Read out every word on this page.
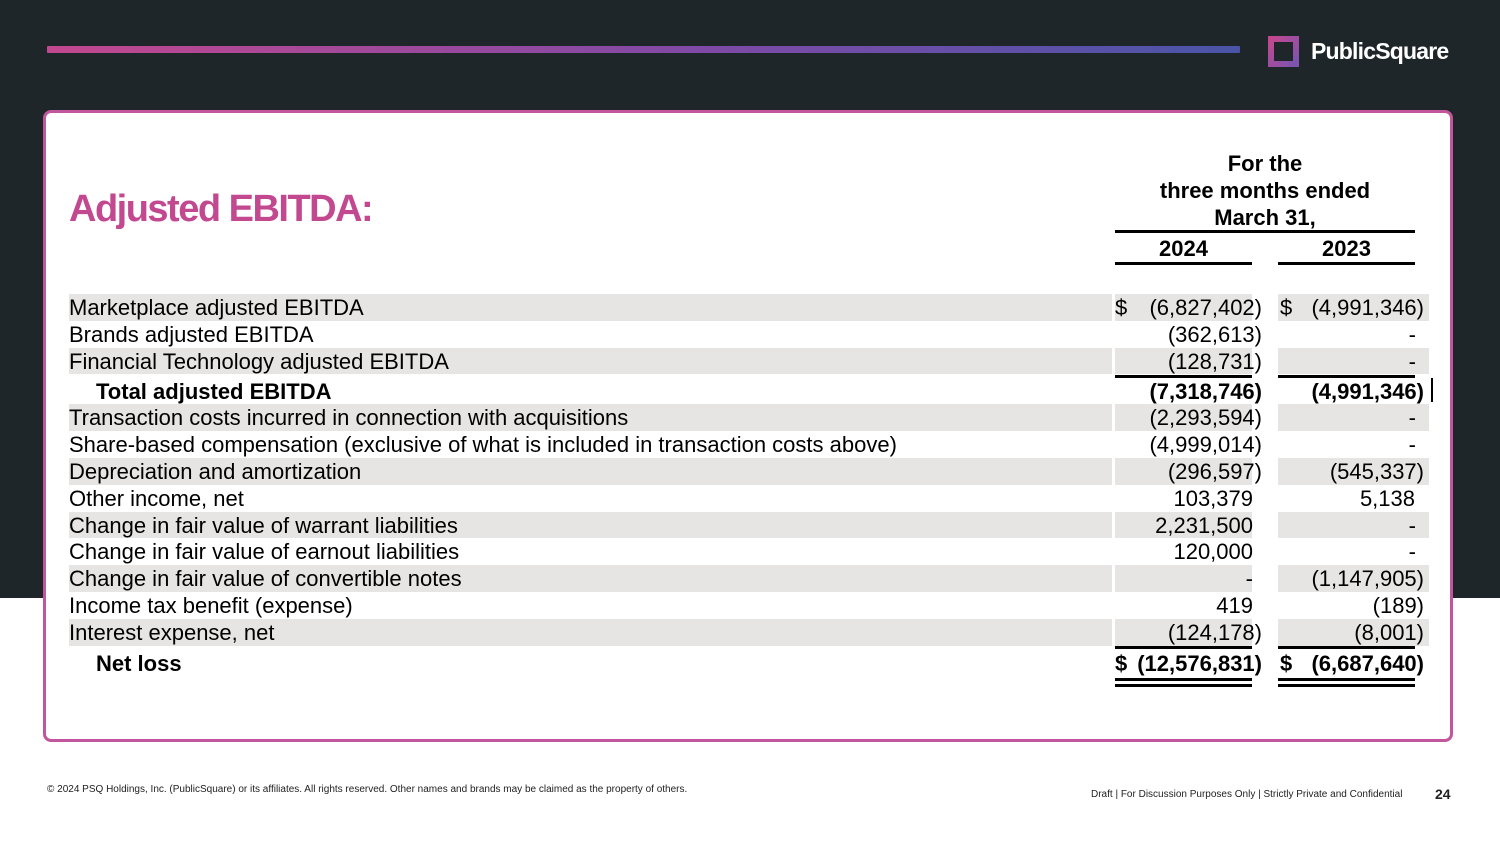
PublicSquare
Adjusted EBITDA:
For the
three months ended
March 31,
2024	2023
Marketplace adjusted EBITDA	$	(6,827,402) $ (4,991,346)
Brands adjusted EBITDA	(362,613)	-
Financial Technology adjusted EBITDA	(128,731)	-
Total adjusted EBITDA	(7,318,746)	(4,991,346)
Transaction costs incurred in connection with acquisitions	(2,293,594)	-
Share-based compensation (exclusive of what is included in transaction costs above)	(4,999,014)	-
Depreciation and amortization	(296,597)	(545,337)
Other income, net	103,379	5,138
Change in fair value of warrant liabilities	2,231,500	-
Change in fair value of earnout liabilities	120,000	-
Change in fair value of convertible notes	-	(1,147,905)
Income tax benefit (expense)	419	(189)
Interest expense, net	(124,178)	(8,001)
Net loss	$ (12,576,831) $ (6,687,640)
© 2024 PSQ Holdings, Inc. (PublicSquare) or its affiliates. All rights reserved. Other names and brands may be claimed as the property of others.	Draft | For Discussion Purposes Only | Strictly Private and Confidential 24
